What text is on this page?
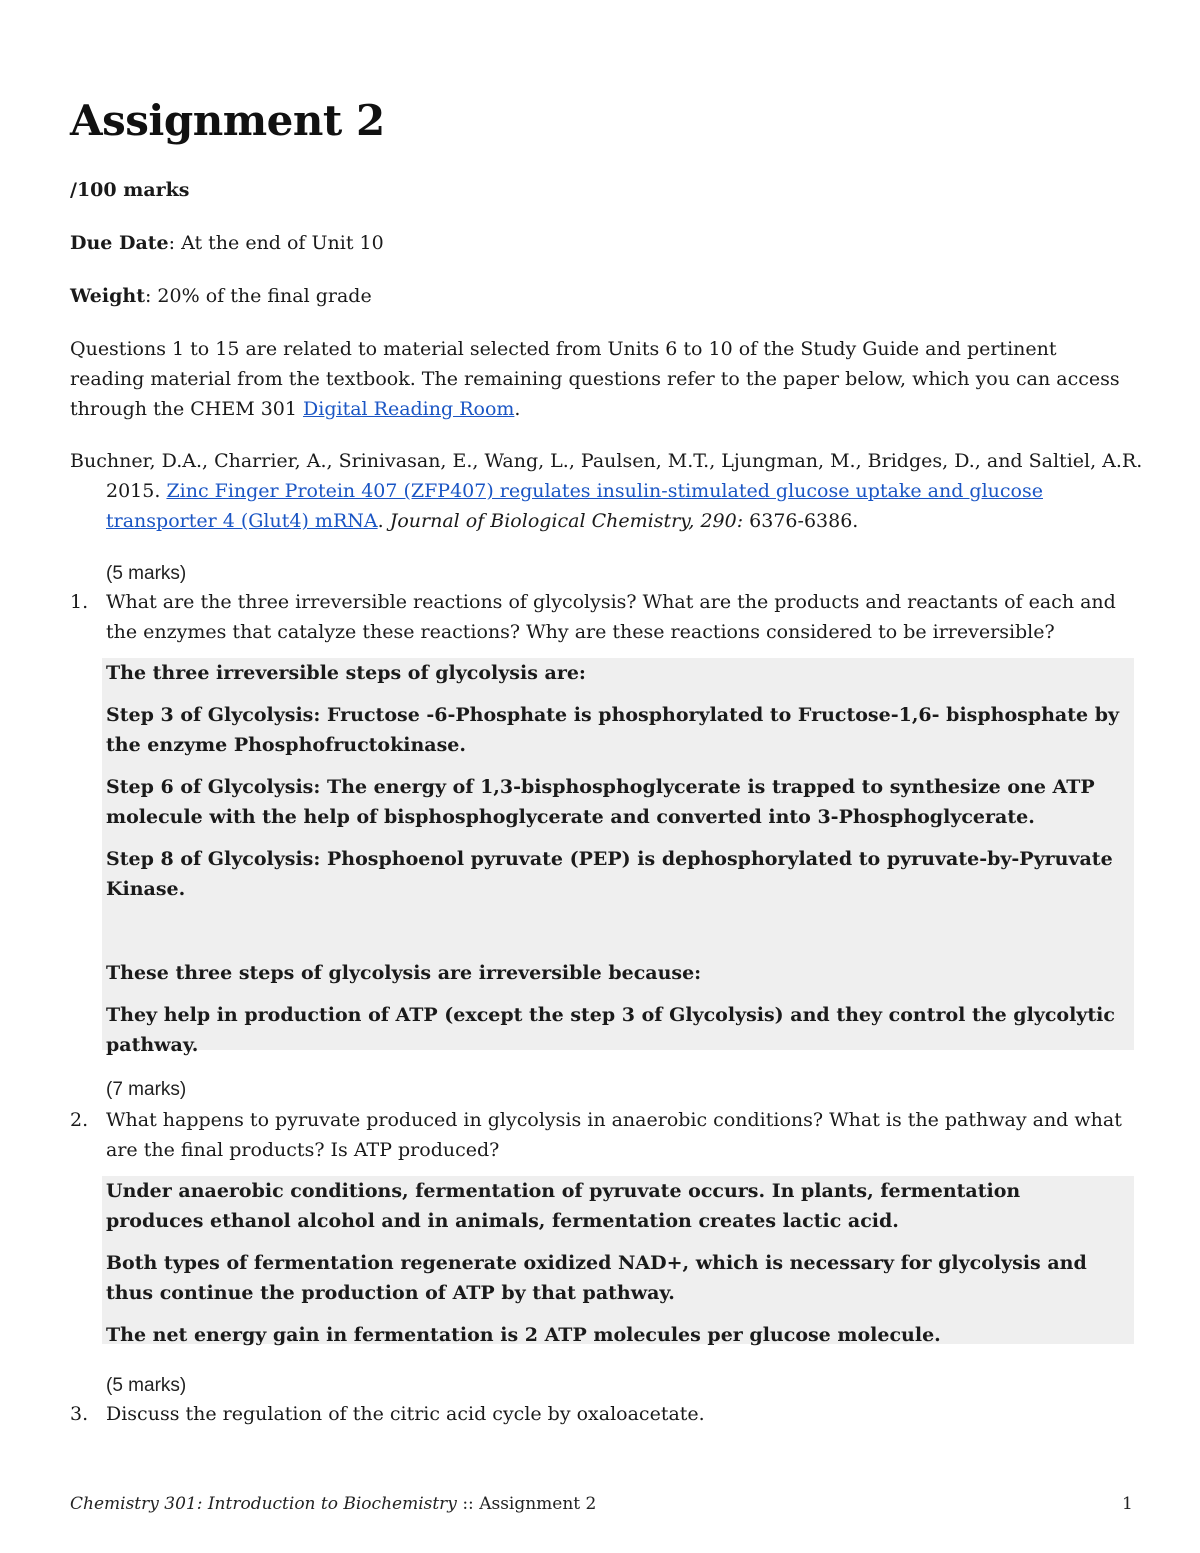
Assignment 2

/100 marks

Due Date: At the end of Unit 10

Weight: 20% of the final grade

Questions 1 to 15 are related to material selected from Units 6 to 10 of the Study Guide and pertinent reading material from the textbook. The remaining questions refer to the paper below, which you can access through the CHEM 301 Digital Reading Room.

Buchner, D.A., Charrier, A., Srinivasan, E., Wang, L., Paulsen, M.T., Ljungman, M., Bridges, D., and Saltiel, A.R. 2015. Zinc Finger Protein 407 (ZFP407) regulates insulin-stimulated glucose uptake and glucose transporter 4 (Glut4) mRNA. Journal of Biological Chemistry, 290: 6376-6386.

(5 marks)
1. What are the three irreversible reactions of glycolysis? What are the products and reactants of each and the enzymes that catalyze these reactions? Why are these reactions considered to be irreversible?

The three irreversible steps of glycolysis are:

Step 3 of Glycolysis: Fructose -6-Phosphate is phosphorylated to Fructose-1,6- bisphosphate by the enzyme Phosphofructokinase.

Step 6 of Glycolysis: The energy of 1,3-bisphosphoglycerate is trapped to synthesize one ATP molecule with the help of bisphosphoglycerate and converted into 3-Phosphoglycerate.

Step 8 of Glycolysis: Phosphoenol pyruvate (PEP) is dephosphorylated to pyruvate-by-Pyruvate Kinase.

These three steps of glycolysis are irreversible because:

They help in production of ATP (except the step 3 of Glycolysis) and they control the glycolytic pathway.

(7 marks)
2. What happens to pyruvate produced in glycolysis in anaerobic conditions? What is the pathway and what are the final products? Is ATP produced?

Under anaerobic conditions, fermentation of pyruvate occurs. In plants, fermentation produces ethanol alcohol and in animals, fermentation creates lactic acid.

Both types of fermentation regenerate oxidized NAD+, which is necessary for glycolysis and thus continue the production of ATP by that pathway.

The net energy gain in fermentation is 2 ATP molecules per glucose molecule.

(5 marks)
3. Discuss the regulation of the citric acid cycle by oxaloacetate.

Chemistry 301: Introduction to Biochemistry :: Assignment 2	1
